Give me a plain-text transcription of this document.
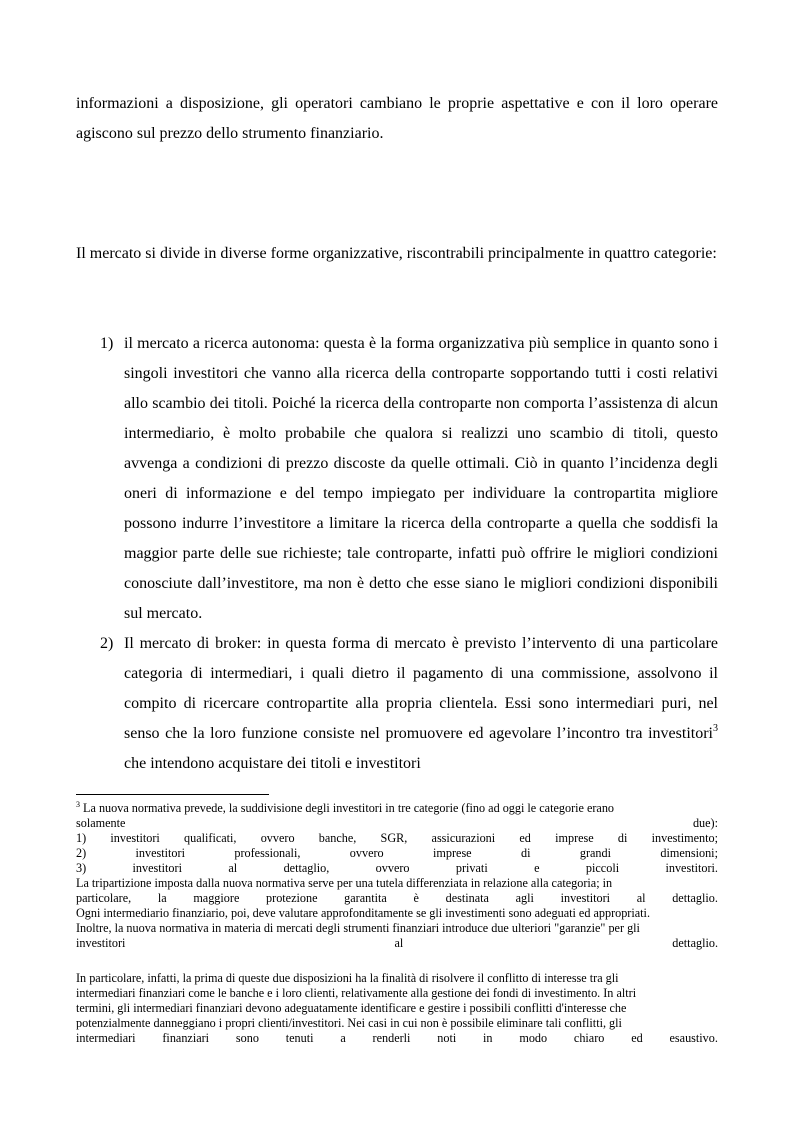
informazioni a disposizione, gli operatori cambiano le proprie aspettative e con il loro operare agiscono sul prezzo dello strumento finanziario.

Il mercato si divide in diverse forme organizzative, riscontrabili principalmente in quattro categorie:

1) il mercato a ricerca autonoma: questa è la forma organizzativa più semplice in quanto sono i singoli investitori che vanno alla ricerca della controparte sopportando tutti i costi relativi allo scambio dei titoli. Poiché la ricerca della controparte non comporta l’assistenza di alcun intermediario, è molto probabile che qualora si realizzi uno scambio di titoli, questo avvenga a condizioni di prezzo discoste da quelle ottimali. Ciò in quanto l’incidenza degli oneri di informazione e del tempo impiegato per individuare la contropartita migliore possono indurre l’investitore a limitare la ricerca della controparte a quella che soddisfi la maggior parte delle sue richieste; tale controparte, infatti può offrire le migliori condizioni conosciute dall’investitore, ma non è detto che esse siano le migliori condizioni disponibili sul mercato.
2) Il mercato di broker: in questa forma di mercato è previsto l’intervento di una particolare categoria di intermediari, i quali dietro il pagamento di una commissione, assolvono il compito di ricercare contropartite alla propria clientela. Essi sono intermediari puri, nel senso che la loro funzione consiste nel promuovere ed agevolare l’incontro tra investitori$^3$ che intendono acquistare dei titoli e investitori
$^3$ La nuova normativa prevede, la suddivisione degli investitori in tre categorie (fino ad oggi le categorie erano
solamente	due):
1) investitori qualificati, ovvero banche, SGR, assicurazioni ed imprese di investimento;
2)	investitori	professionali,	ovvero	imprese	di	grandi	dimensioni;
3)	investitori	al	dettaglio,	ovvero	privati	e	piccoli	investitori.
La tripartizione imposta dalla nuova normativa serve per una tutela differenziata in relazione alla categoria; in
particolare, la maggiore protezione garantita è destinata agli investitori al dettaglio.
Ogni intermediario finanziario, poi, deve valutare approfonditamente se gli investimenti sono adeguati ed appropriati.
Inoltre, la nuova normativa in materia di mercati degli strumenti finanziari introduce due ulteriori "garanzie" per gli
investitori	al	dettaglio.
In particolare, infatti, la prima di queste due disposizioni ha la finalità di risolvere il conflitto di interesse tra gli
intermediari finanziari come le banche e i loro clienti, relativamente alla gestione dei fondi di investimento. In altri
termini, gli intermediari finanziari devono adeguatamente identificare e gestire i possibili conflitti d'interesse che
potenzialmente danneggiano i propri clienti/investitori. Nei casi in cui non è possibile eliminare tali conflitti, gli
intermediari finanziari sono tenuti a renderli noti in modo chiaro ed esaustivo.
